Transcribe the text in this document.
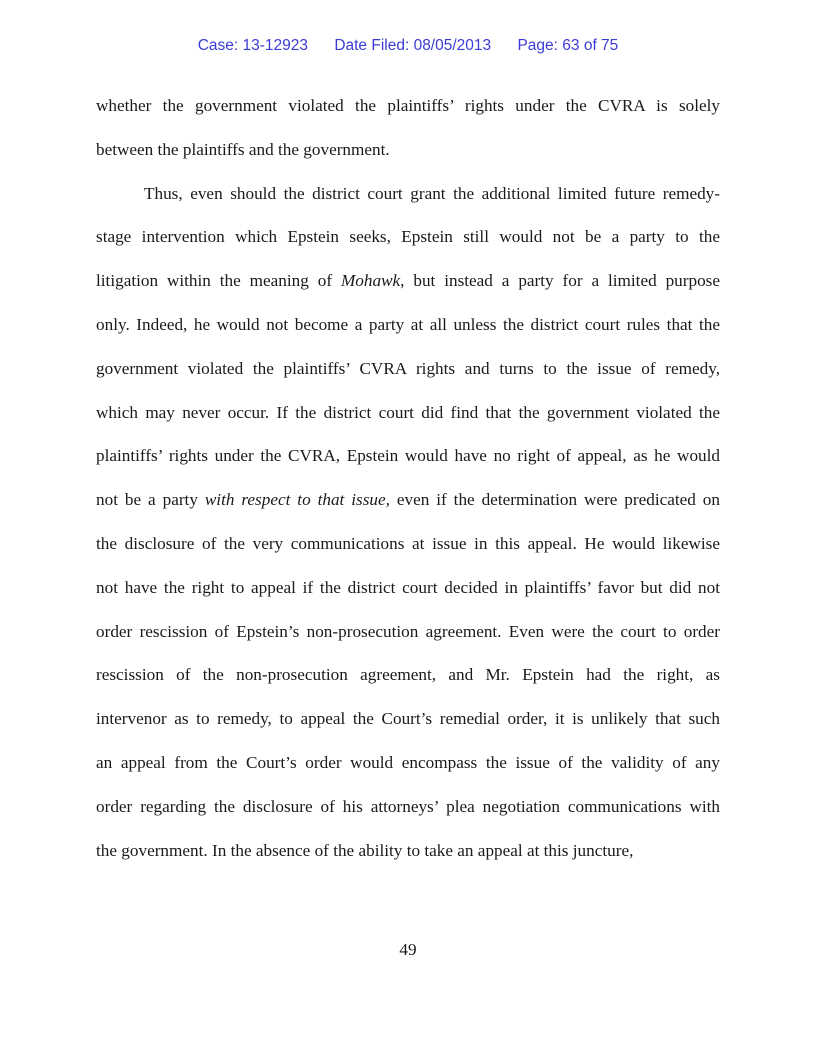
Case: 13-12923 Date Filed: 08/05/2013 Page: 63 of 75
whether the government violated the plaintiffs’ rights under the CVRA is solely
between the plaintiffs and the government.
Thus, even should the district court grant the additional limited future remedy-
stage intervention which Epstein seeks, Epstein still would not be a party to the
litigation within the meaning of Mohawk, but instead a party for a limited purpose
only. Indeed, he would not become a party at all unless the district court rules that the
government violated the plaintiffs’ CVRA rights and turns to the issue of remedy,
which may never occur. If the district court did find that the government violated the
plaintiffs’ rights under the CVRA, Epstein would have no right of appeal, as he would
not be a party with respect to that issue, even if the determination were predicated on
the disclosure of the very communications at issue in this appeal. He would likewise
not have the right to appeal if the district court decided in plaintiffs’ favor but did not
order rescission of Epstein’s non-prosecution agreement. Even were the court to order
rescission of the non-prosecution agreement, and Mr. Epstein had the right, as
intervenor as to remedy, to appeal the Court’s remedial order, it is unlikely that such
an appeal from the Court’s order would encompass the issue of the validity of any
order regarding the disclosure of his attorneys’ plea negotiation communications with
the government. In the absence of the ability to take an appeal at this juncture,
49
